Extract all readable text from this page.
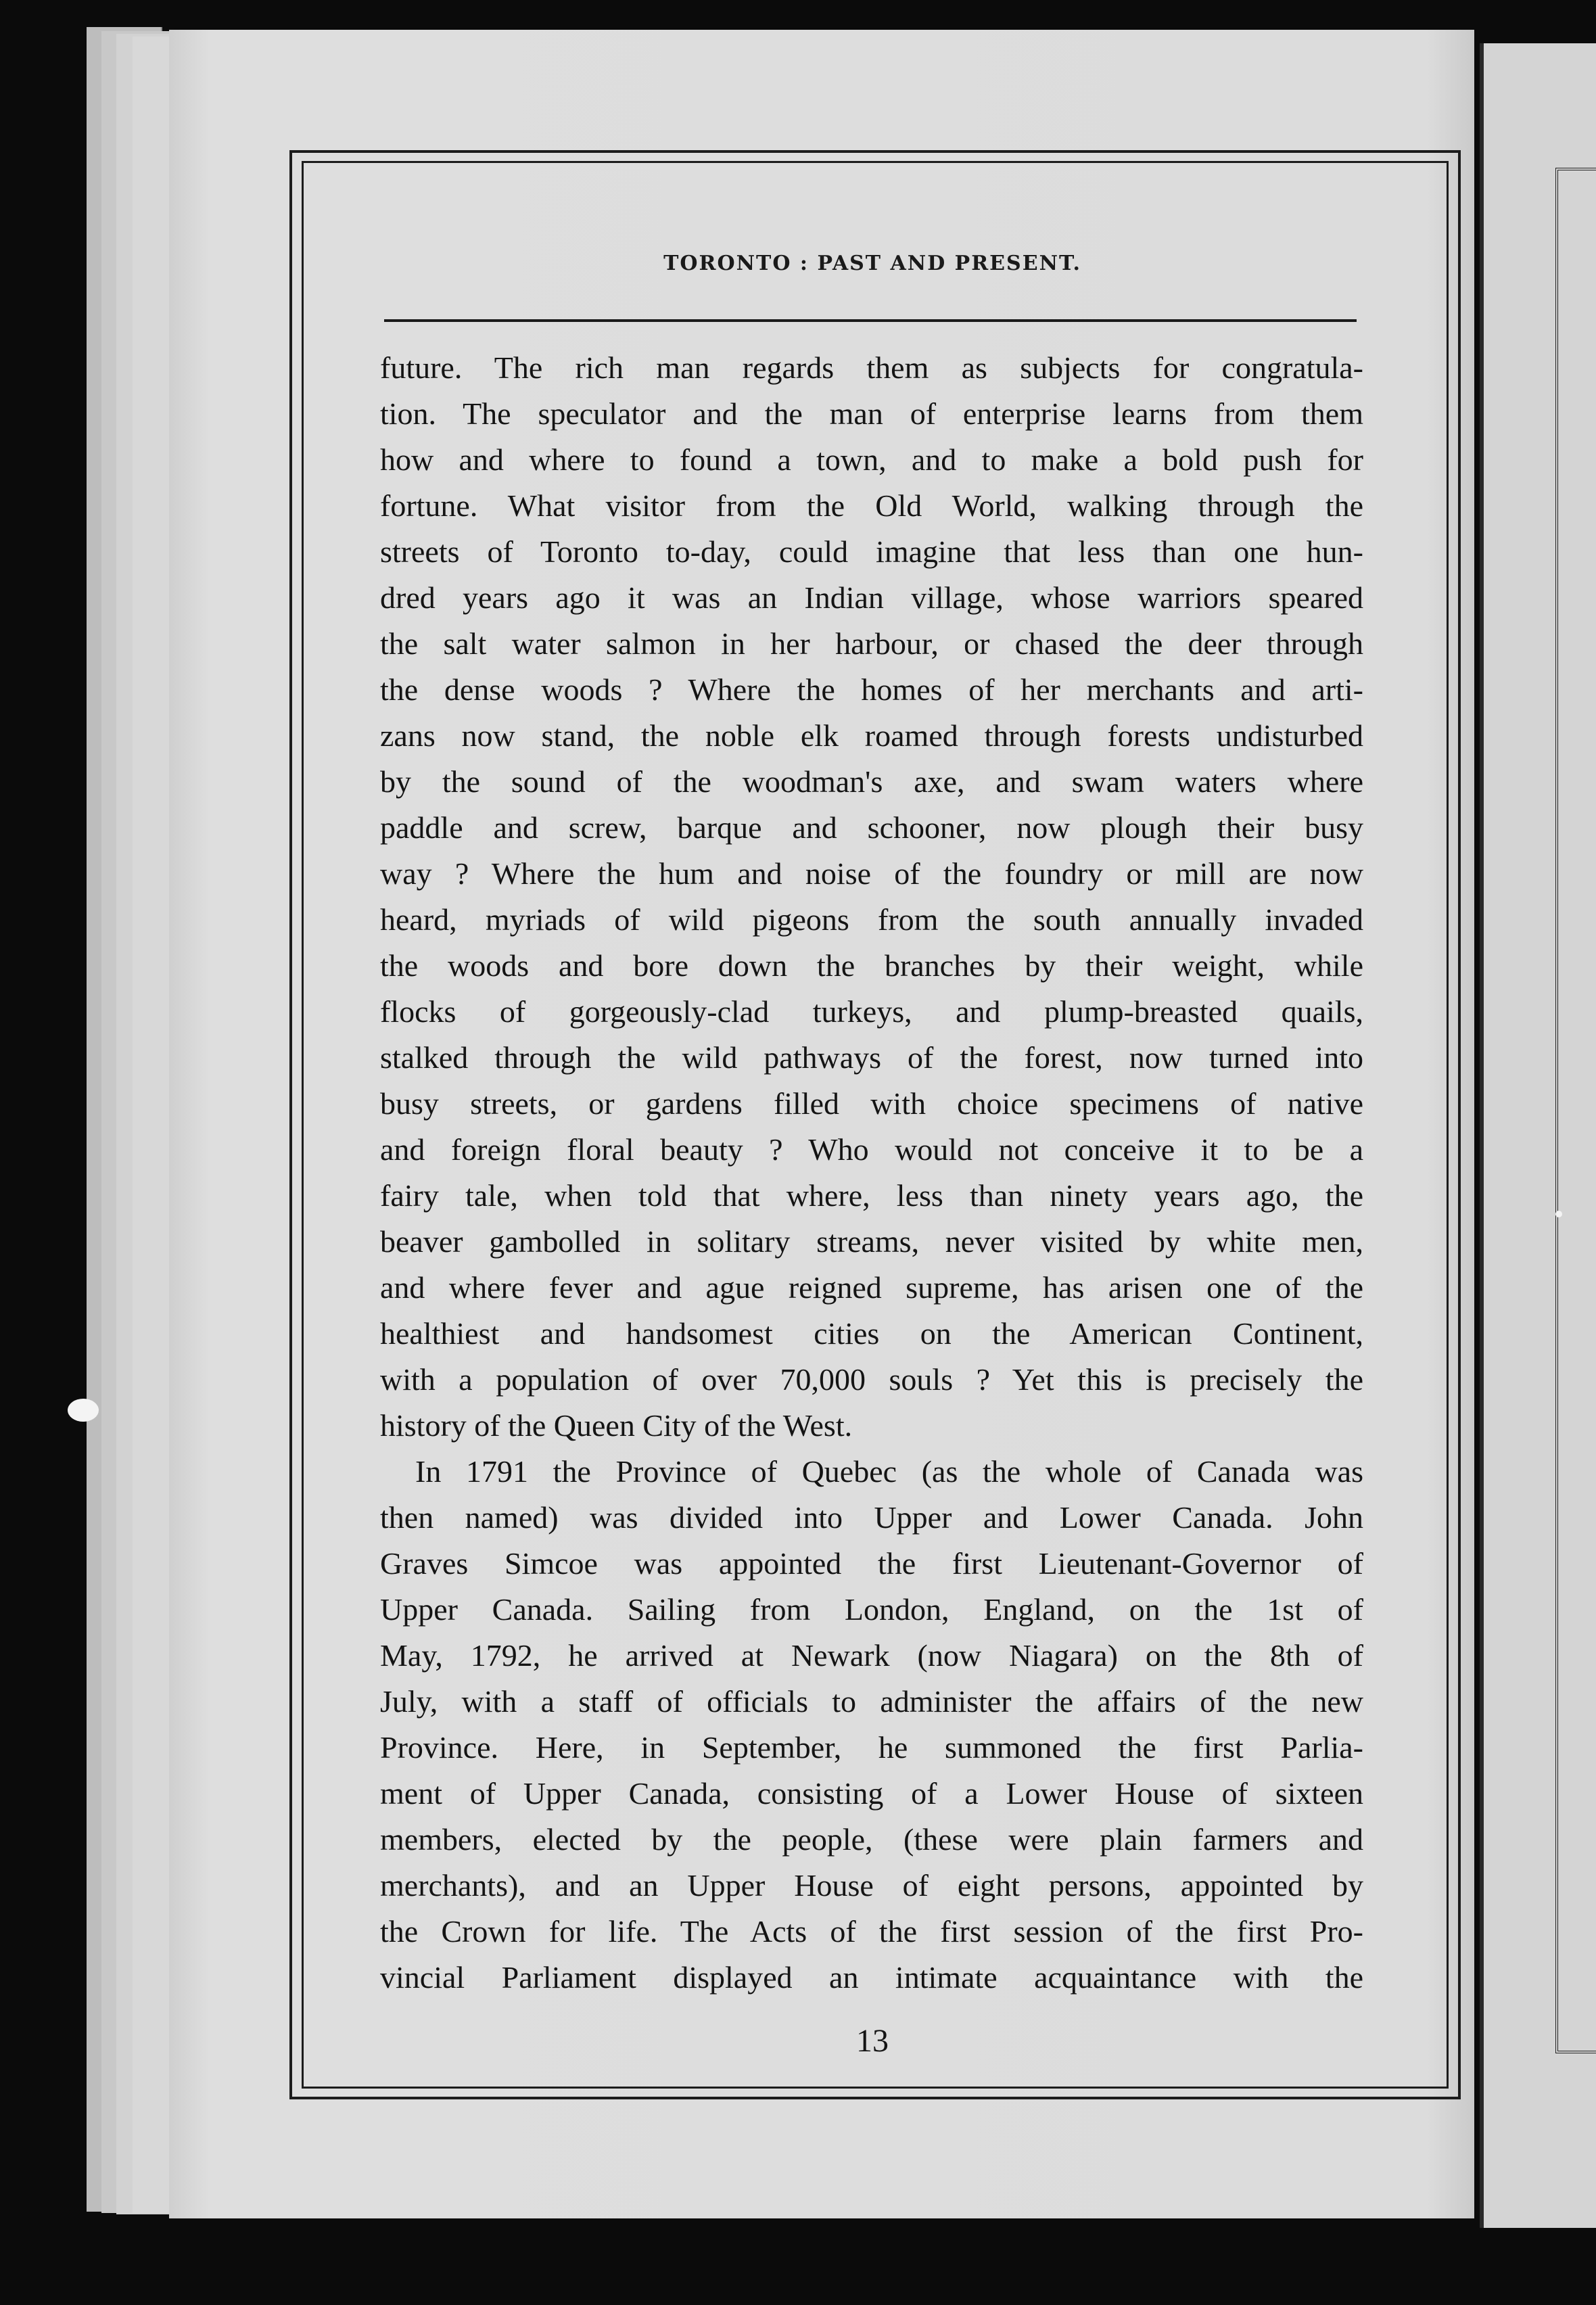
TORONTO : PAST AND PRESENT.
future. The rich man regards them as subjects for congratula-
tion. The speculator and the man of enterprise learns from them
how and where to found a town, and to make a bold push for
fortune. What visitor from the Old World, walking through the
streets of Toronto to-day, could imagine that less than one hun-
dred years ago it was an Indian village, whose warriors speared
the salt water salmon in her harbour, or chased the deer through
the dense woods ? Where the homes of her merchants and arti-
zans now stand, the noble elk roamed through forests undisturbed
by the sound of the woodman's axe, and swam waters where
paddle and screw, barque and schooner, now plough their busy
way ? Where the hum and noise of the foundry or mill are now
heard, myriads of wild pigeons from the south annually invaded
the woods and bore down the branches by their weight, while
flocks of gorgeously-clad turkeys, and plump-breasted quails,
stalked through the wild pathways of the forest, now turned into
busy streets, or gardens filled with choice specimens of native
and foreign floral beauty ? Who would not conceive it to be a
fairy tale, when told that where, less than ninety years ago, the
beaver gambolled in solitary streams, never visited by white men,
and where fever and ague reigned supreme, has arisen one of the
healthiest and handsomest cities on the American Continent,
with a population of over 70,000 souls ? Yet this is precisely the
history of the Queen City of the West.
In 1791 the Province of Quebec (as the whole of Canada was
then named) was divided into Upper and Lower Canada. John
Graves Simcoe was appointed the first Lieutenant-Governor of
Upper Canada. Sailing from London, England, on the 1st of
May, 1792, he arrived at Newark (now Niagara) on the 8th of
July, with a staff of officials to administer the affairs of the new
Province. Here, in September, he summoned the first Parlia-
ment of Upper Canada, consisting of a Lower House of sixteen
members, elected by the people, (these were plain farmers and
merchants), and an Upper House of eight persons, appointed by
the Crown for life. The Acts of the first session of the first Pro-
vincial Parliament displayed an intimate acquaintance with the
13
